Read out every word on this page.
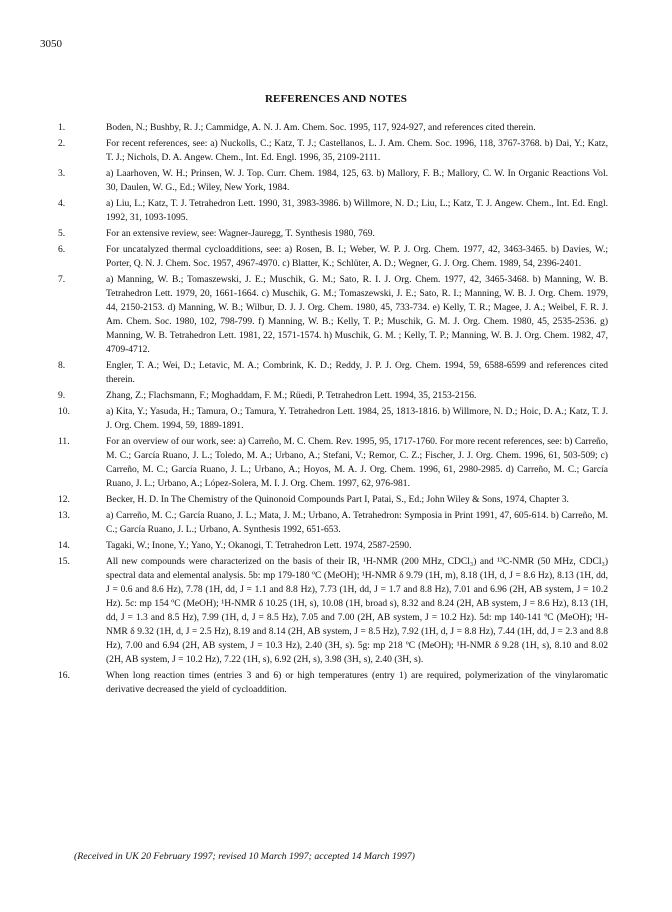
3050
REFERENCES AND NOTES
1.	Boden, N.; Bushby, R. J.; Cammidge, A. N. J. Am. Chem. Soc. 1995, 117, 924-927, and references cited therein.
2.	For recent references, see: a) Nuckolls, C.; Katz, T. J.; Castellanos, L. J. Am. Chem. Soc. 1996, 118, 3767-3768. b) Dai, Y.; Katz, T. J.; Nichols, D. A. Angew. Chem., Int. Ed. Engl. 1996, 35, 2109-2111.
3.	a) Laarhoven, W. H.; Prinsen, W. J. Top. Curr. Chem. 1984, 125, 63. b) Mallory, F. B.; Mallory, C. W. In Organic Reactions Vol. 30, Daulen, W. G., Ed.; Wiley, New York, 1984.
4.	a) Liu, L.; Katz, T. J. Tetrahedron Lett. 1990, 31, 3983-3986. b) Willmore, N. D.; Liu, L.; Katz, T. J. Angew. Chem., Int. Ed. Engl. 1992, 31, 1093-1095.
5.	For an extensive review, see: Wagner-Jauregg, T. Synthesis 1980, 769.
6.	For uncatalyzed thermal cycloadditions, see: a) Rosen, B. I.; Weber, W. P. J. Org. Chem. 1977, 42, 3463-3465. b) Davies, W.; Porter, Q. N. J. Chem. Soc. 1957, 4967-4970. c) Blatter, K.; Schlüter, A. D.; Wegner, G. J. Org. Chem. 1989, 54, 2396-2401.
7.	a) Manning, W. B.; Tomaszewski, J. E.; Muschik, G. M.; Sato, R. I. J. Org. Chem. 1977, 42, 3465-3468. b) Manning, W. B. Tetrahedron Lett. 1979, 20, 1661-1664. c) Muschik, G. M.; Tomaszewski, J. E.; Sato, R. I.; Manning, W. B. J. Org. Chem. 1979, 44, 2150-2153. d) Manning, W. B.; Wilbur, D. J. J. Org. Chem. 1980, 45, 733-734. e) Kelly, T. R.; Magee, J. A.; Weibel, F. R. J. Am. Chem. Soc. 1980, 102, 798-799. f) Manning, W. B.; Kelly, T. P.; Muschik, G. M. J. Org. Chem. 1980, 45, 2535-2536. g) Manning, W. B. Tetrahedron Lett. 1981, 22, 1571-1574. h) Muschik, G. M. ; Kelly, T. P.; Manning, W. B. J. Org. Chem. 1982, 47, 4709-4712.
8.	Engler, T. A.; Wei, D.; Letavic, M. A.; Combrink, K. D.; Reddy, J. P. J. Org. Chem. 1994, 59, 6588-6599 and references cited therein.
9.	Zhang, Z.; Flachsmann, F.; Moghaddam, F. M.; Rüedi, P. Tetrahedron Lett. 1994, 35, 2153-2156.
10.	a) Kita, Y.; Yasuda, H.; Tamura, O.; Tamura, Y. Tetrahedron Lett. 1984, 25, 1813-1816. b) Willmore, N. D.; Hoic, D. A.; Katz, T. J. J. Org. Chem. 1994, 59, 1889-1891.
11.	For an overview of our work, see: a) Carreño, M. C. Chem. Rev. 1995, 95, 1717-1760. For more recent references, see: b) Carreño, M. C.; García Ruano, J. L.; Toledo, M. A.; Urbano, A.; Stefani, V.; Remor, C. Z.; Fischer, J. J. Org. Chem. 1996, 61, 503-509; c) Carreño, M. C.; García Ruano, J. L.; Urbano, A.; Hoyos, M. A. J. Org. Chem. 1996, 61, 2980-2985. d) Carreño, M. C.; García Ruano, J. L.; Urbano, A.; López-Solera, M. I. J. Org. Chem. 1997, 62, 976-981.
12.	Becker, H. D. In The Chemistry of the Quinonoid Compounds Part I, Patai, S., Ed.; John Wiley & Sons, 1974, Chapter 3.
13.	a) Carreño, M. C.; García Ruano, J. L.; Mata, J. M.; Urbano, A. Tetrahedron: Symposia in Print 1991, 47, 605-614. b) Carreño, M. C.; García Ruano, J. L.; Urbano, A. Synthesis 1992, 651-653.
14.	Tagaki, W.; Inone, Y.; Yano, Y.; Okanogi, T. Tetrahedron Lett. 1974, 2587-2590.
15.	All new compounds were characterized on the basis of their IR, ¹H-NMR (200 MHz, CDCl₃) and ¹³C-NMR (50 MHz, CDCl₃) spectral data and elemental analysis. 5b: mp 179-180 ºC (MeOH); ¹H-NMR δ 9.79 (1H, m), 8.18 (1H, d, J = 8.6 Hz), 8.13 (1H, dd, J = 0.6 and 8.6 Hz), 7.78 (1H, dd, J = 1.1 and 8.8 Hz), 7.73 (1H, dd, J = 1.7 and 8.8 Hz), 7.01 and 6.96 (2H, AB system, J = 10.2 Hz). 5c: mp 154 ºC (MeOH); ¹H-NMR δ 10.25 (1H, s), 10.08 (1H, broad s), 8.32 and 8.24 (2H, AB system, J = 8.6 Hz), 8.13 (1H, dd, J = 1.3 and 8.5 Hz), 7.99 (1H, d, J = 8.5 Hz), 7.05 and 7.00 (2H, AB system, J = 10.2 Hz). 5d: mp 140-141 ºC (MeOH); ¹H-NMR δ 9.32 (1H, d, J = 2.5 Hz), 8.19 and 8.14 (2H, AB system, J = 8.5 Hz), 7.92 (1H, d, J = 8.8 Hz), 7.44 (1H, dd, J = 2.3 and 8.8 Hz), 7.00 and 6.94 (2H, AB system, J = 10.3 Hz), 2.40 (3H, s). 5g: mp 218 ºC (MeOH); ¹H-NMR δ 9.28 (1H, s), 8.10 and 8.02 (2H, AB system, J = 10.2 Hz), 7.22 (1H, s), 6.92 (2H, s), 3.98 (3H, s), 2.40 (3H, s).
16.	When long reaction times (entries 3 and 6) or high temperatures (entry 1) are required, polymerization of the vinylaromatic derivative decreased the yield of cycloaddition.
(Received in UK 20 February 1997; revised 10 March 1997; accepted 14 March 1997)
